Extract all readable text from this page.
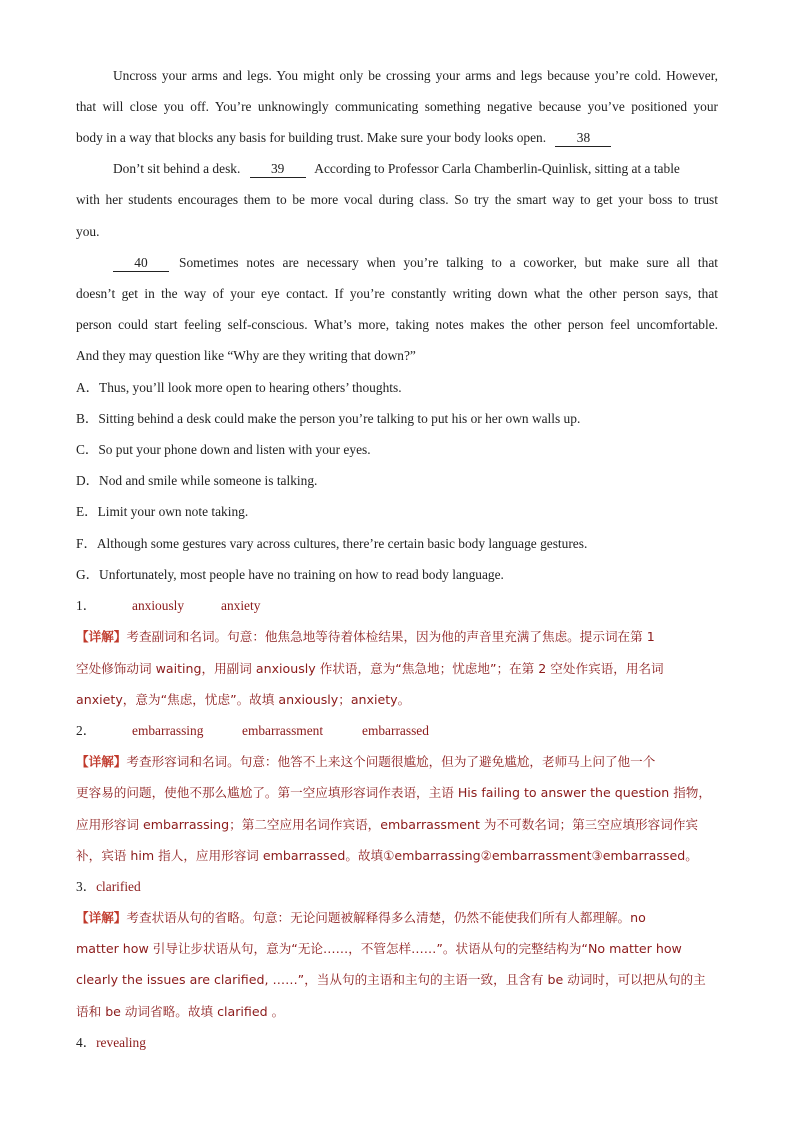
Uncross your arms and legs. You might only be crossing your arms and legs because you’re cold. However,
that will close you off. You’re unknowingly communicating something negative because you’ve positioned your
body in a way that blocks any basis for building trust. Make sure your body looks open. 38
Don’t sit behind a desk. 39 According to Professor Carla Chamberlin-Quinlisk, sitting at a table
with her students encourages them to be more vocal during class. So try the smart way to get your boss to trust
you.
40	Sometimes notes are necessary when you’re talking to a coworker, but make sure all that
doesn’t get in the way of your eye contact. If you’re constantly writing down what the other person says, that
person could start feeling self-conscious. What’s more, taking notes makes the other person feel uncomfortable.
And they may question like “Why are they writing that down?”
A．Thus, you’ll look more open to hearing others’ thoughts.
B．Sitting behind a desk could make the person you’re talking to put his or her own walls up.
C．So put your phone down and listen with your eyes.
D．Nod and smile while someone is talking.
E．Limit your own note taking.
F．Although some gestures vary across cultures, there’re certain basic body language gestures.
G．Unfortunately, most people have no training on how to read body language.
1．	anxiously	anxiety
【详解】考查副词和名词。句意：他焦急地等待着体检结果，因为他的声音里充满了焦虑。提示词在第 1
空处修饰动词 waiting，用副词 anxiously 作状语，意为“焦急地；忧虑地”；在第 2 空处作宾语，用名词
anxiety，意为“焦虑，忧虑”。故填 anxiously；anxiety。
2．	embarrassing	embarrassment	embarrassed
【详解】考查形容词和名词。句意：他答不上来这个问题很尴尬，但为了避免尴尬，老师马上问了他一个
更容易的问题，使他不那么尴尬了。第一空应填形容词作表语，主语 His failing to answer the question 指物，
应用形容词 embarrassing；第二空应用名词作宾语，embarrassment 为不可数名词；第三空应填形容词作宾
补，宾语 him 指人，应用形容词 embarrassed。故填①embarrassing②embarrassment③embarrassed。
3．clarified
【详解】考查状语从句的省略。句意：无论问题被解释得多么清楚，仍然不能使我们所有人都理解。no
matter how 引导让步状语从句，意为“无论……，不管怎样……”。状语从句的完整结构为“No matter how
clearly the issues are clarified, ……”，当从句的主语和主句的主语一致，且含有 be 动词时，可以把从句的主
语和 be 动词省略。故填 clarified 。
4．revealing
